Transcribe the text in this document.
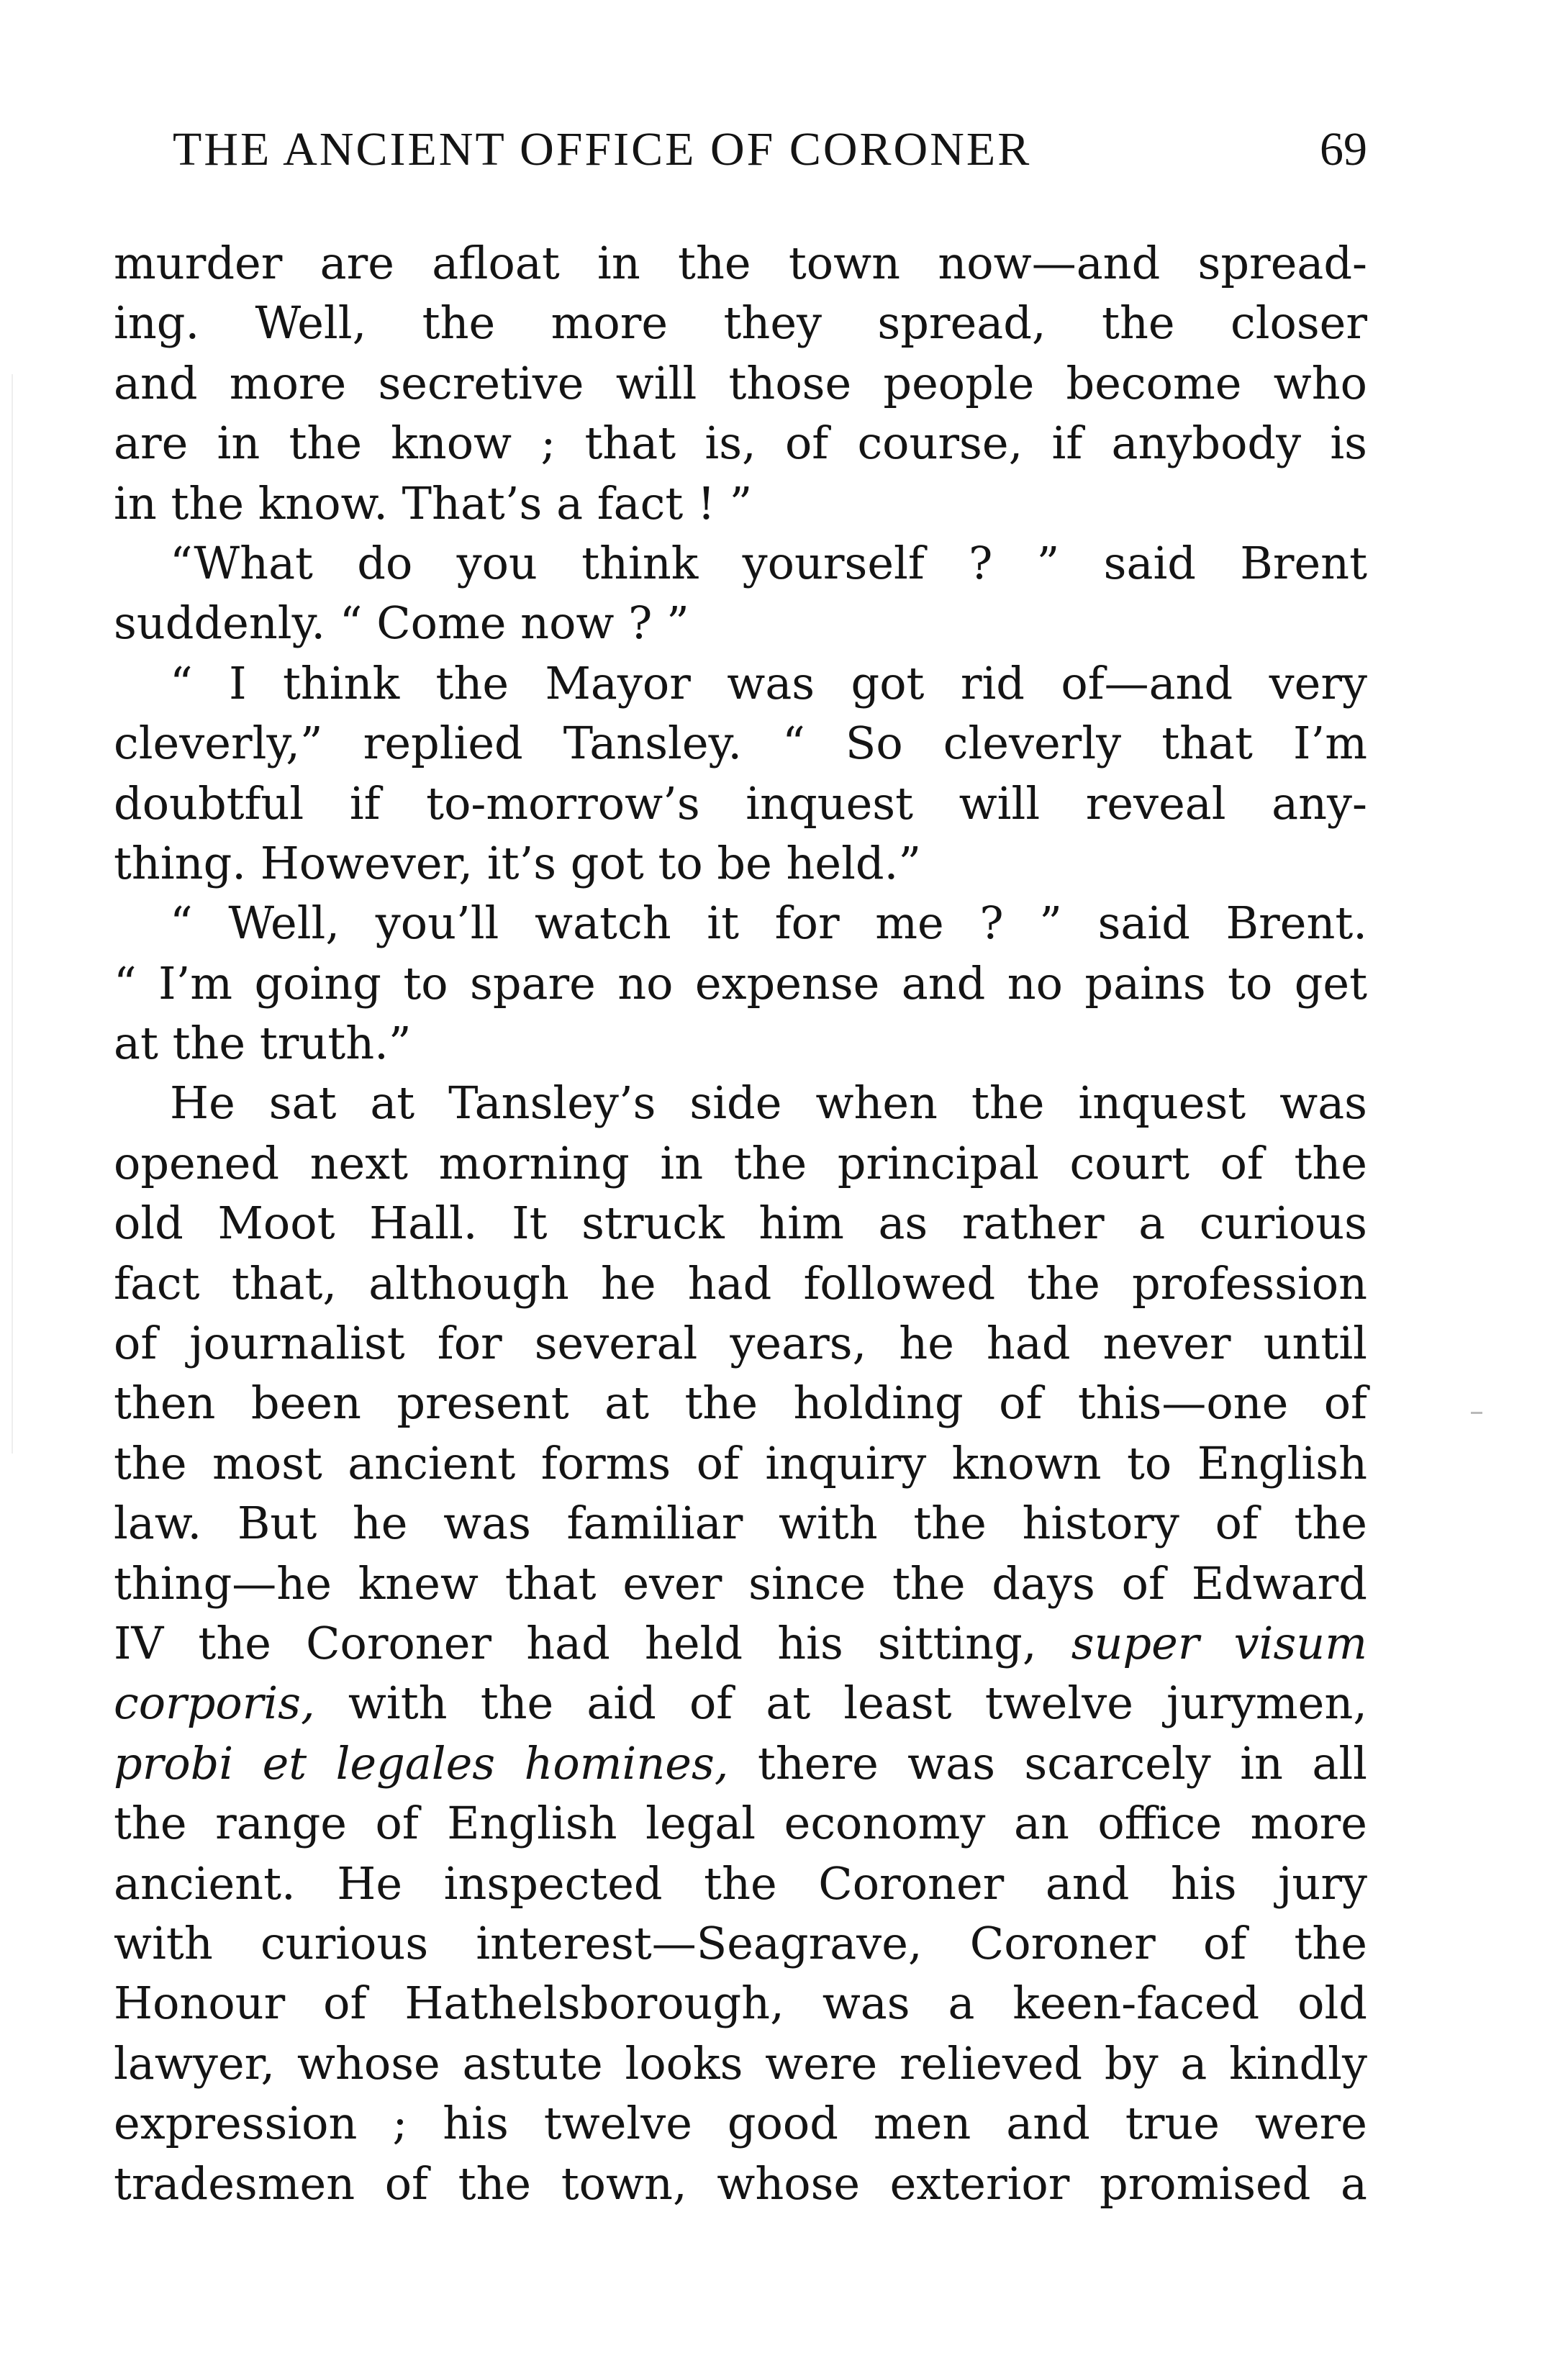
THE ANCIENT OFFICE OF CORONER	69
murder are afloat in the town now—and spread-
ing. Well, the more they spread, the closer
and more secretive will those people become who
are in the know ; that is, of course, if anybody is
in the know. That’s a fact ! ”
“What do you think yourself ? ” said Brent
suddenly. “ Come now ? ”
“ I think the Mayor was got rid of—and very
cleverly,” replied Tansley. “ So cleverly that I’m
doubtful if to-morrow’s inquest will reveal any-
thing. However, it’s got to be held.”
“ Well, you’ll watch it for me ? ” said Brent.
“ I’m going to spare no expense and no pains to get
at the truth.”
He sat at Tansley’s side when the inquest was
opened next morning in the principal court of the
old Moot Hall. It struck him as rather a curious
fact that, although he had followed the profession
of journalist for several years, he had never until
then been present at the holding of this—one of
the most ancient forms of inquiry known to English
law. But he was familiar with the history of the
thing—he knew that ever since the days of Edward
IV the Coroner had held his sitting, super visum
corporis, with the aid of at least twelve jurymen,
probi et legales homines, there was scarcely in all
the range of English legal economy an office more
ancient. He inspected the Coroner and his jury
with curious interest—Seagrave, Coroner of the
Honour of Hathelsborough, was a keen-faced old
lawyer, whose astute looks were relieved by a kindly
expression ; his twelve good men and true were
tradesmen of the town, whose exterior promised a
